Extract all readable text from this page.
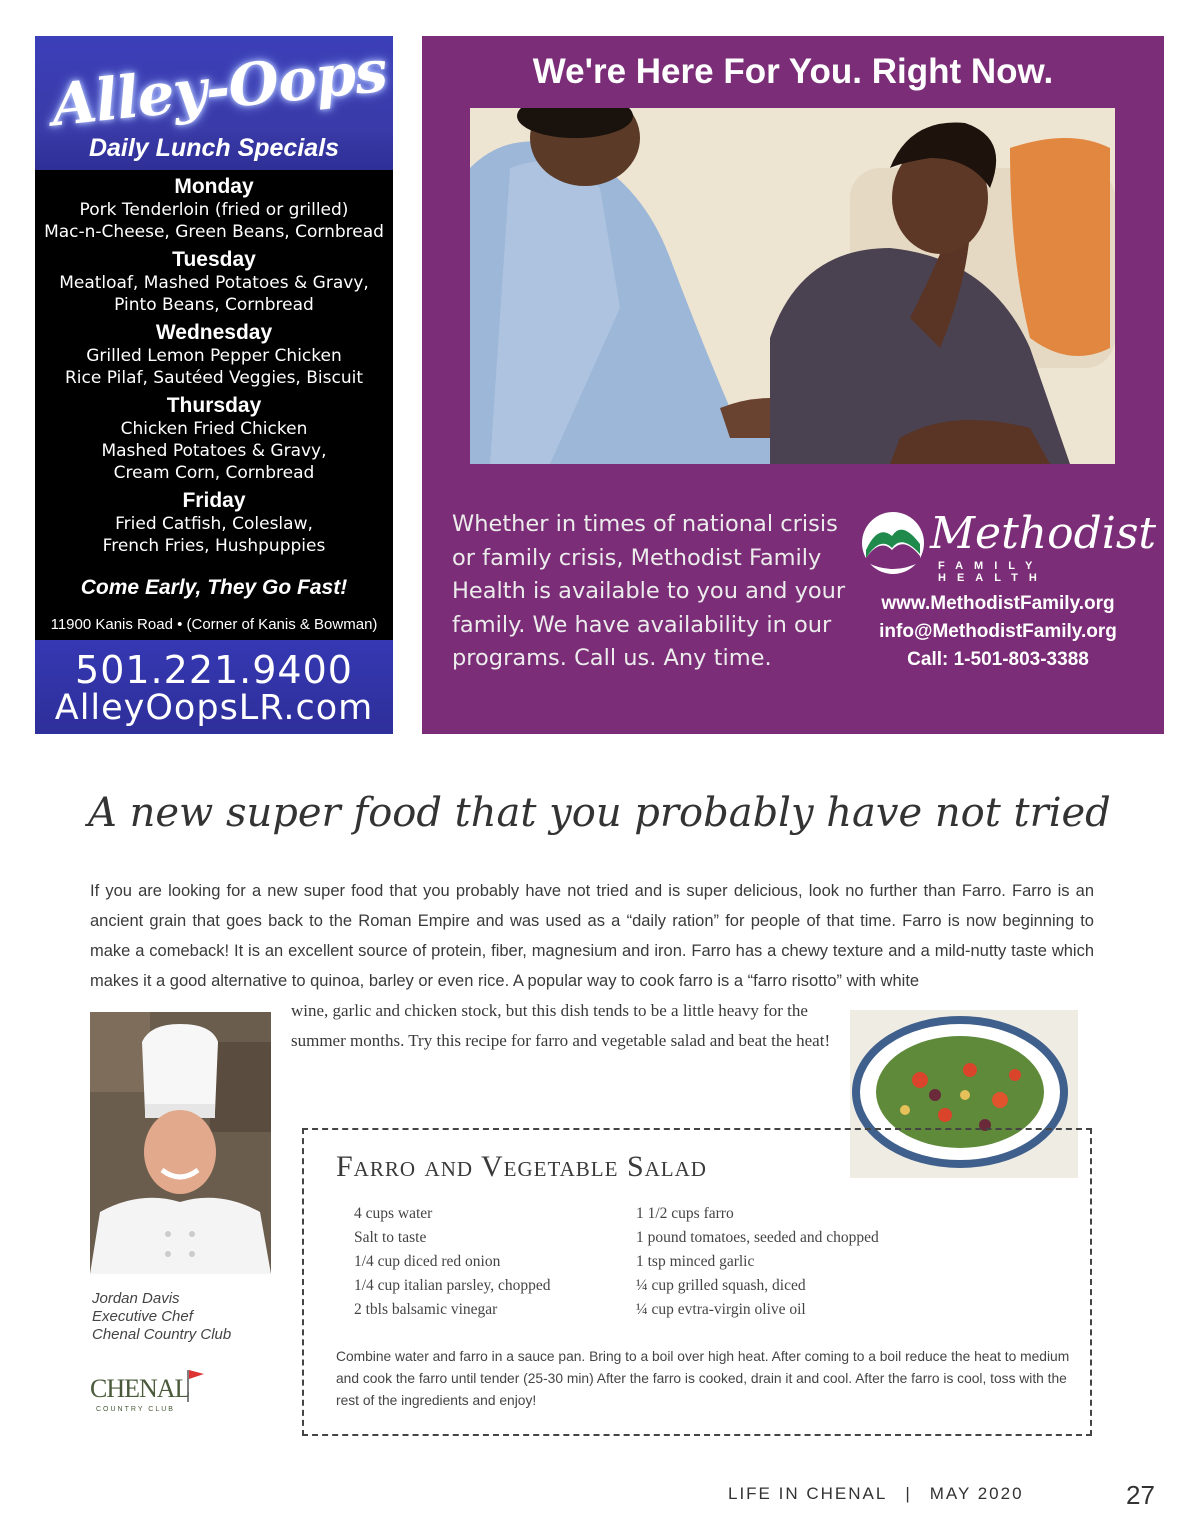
Alley-Oops
Daily Lunch Specials
Monday
Pork Tenderloin (fried or grilled)
Mac-n-Cheese, Green Beans, Cornbread
Tuesday
Meatloaf, Mashed Potatoes & Gravy,
Pinto Beans, Cornbread
Wednesday
Grilled Lemon Pepper Chicken
Rice Pilaf, Sautéed Veggies, Biscuit
Thursday
Chicken Fried Chicken
Mashed Potatoes & Gravy,
Cream Corn, Cornbread
Friday
Fried Catfish, Coleslaw,
French Fries, Hushpuppies
Come Early, They Go Fast!
11900 Kanis Road • (Corner of Kanis & Bowman)
501.221.9400
AlleyOopsLR.com
We're Here For You. Right Now.
Whether in times of national crisis or family crisis, Methodist Family Health is available to you and your family. We have availability in our programs. Call us. Any time.
Methodist
FAMILY HEALTH
www.MethodistFamily.org
info@MethodistFamily.org
Call: 1-501-803-3388
A new super food that you probably have not tried
If you are looking for a new super food that you probably have not tried and is super delicious, look no further than Farro. Farro is an ancient grain that goes back to the Roman Empire and was used as a “daily ration” for people of that time. Farro is now beginning to make a comeback! It is an excellent source of protein, fiber, magnesium and iron. Farro has a chewy texture and a mild-nutty taste which makes it a good alternative to quinoa, barley or even rice. A popular way to cook farro is a “farro risotto” with white
wine, garlic and chicken stock, but this dish tends to be a little heavy for the summer months. Try this recipe for farro and vegetable salad and beat the heat!
Jordan Davis
Executive Chef
Chenal Country Club
CHENAL
COUNTRY CLUB
Farro and Vegetable Salad
4 cups water
Salt to taste
1/4 cup diced red onion
1/4 cup italian parsley, chopped
2 tbls balsamic vinegar
1 1/2 cups farro
1 pound tomatoes, seeded and chopped
1 tsp minced garlic
¼ cup grilled squash, diced
¼ cup evtra-virgin olive oil
Combine water and farro in a sauce pan. Bring to a boil over high heat. After coming to a boil reduce the heat to medium and cook the farro until tender (25-30 min) After the farro is cooked, drain it and cool. After the farro is cool, toss with the rest of the ingredients and enjoy!
LIFE IN CHENAL | MAY 2020	27
